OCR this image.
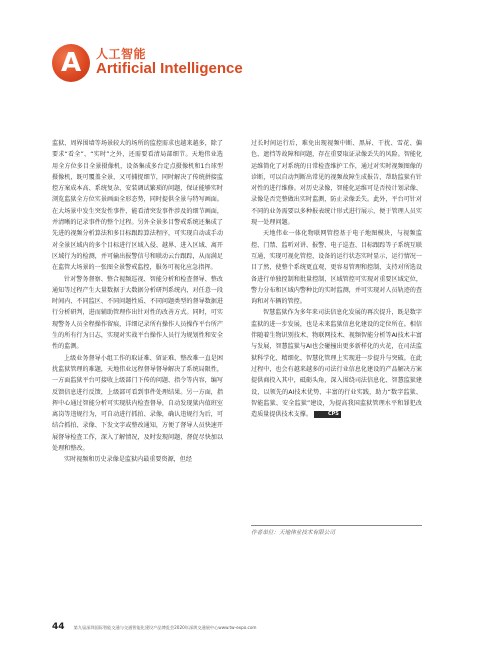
A 人工智能
Artificial Intelligence

监狱、周界围墙等场景较大的场所的监控需求也越来越多，除了要求“看全”、“实时”之外，还需要看清局部细节。天地伟业选用全方位多目全景摄像机，设备集成多台定点摄像机和1台球型摄像机，既可覆盖全景，又可捕捉细节，同时解决了传统拼接监控方案成本高、系统复杂、安装调试繁琐的问题，保证能够实时浏览监狱全方位实景画面全形态势，同时提供全景与特写画面。在大场景中发生突发性事件，能看清突发事件涉及的细节画面，并清晰的记录事件的整个过程。另外全景多目警戒系统还集成了先进的视频分析算法和多目标跟踪算法程序，可实现自动或手动对全景区域内的多个目标进行区域入侵、越界、进入区域、离开区域行为的检测，并可输出报警信号和联动云台跟踪，从而满足在监管大场景的一张图全景警戒监控，服务可视化应急指挥。

针对警务督察、整合视频巡视、智能分析和检查督导、整改通知等过程产生大量数据于大数据分析研判系统内，对任意一段时间内、不同监区、不同问题性质、不同问题类型的督导数据进行分析研判，进而辅助管理作出针对性的改善方式。同时，可实现警务人员全程操作留痕，详细记录所有操作人员操作平台所产生的所有行为日志，实现对实战平台操作人员行为规划性和安全性的监测。

上级业务督导小组工作的取证难、留证难、整改难一直是困扰监狱管理的难题，天地伟业远程督导督导解决了系统局限性，一方面监狱平台可接收上级部门下传的问题、指令等内容，编写反馈信息进行反馈，上级部可看到事件处理结果。另一方面，指挥中心通过智能分析可实现肤内检查督导，自动发现狱内值班室离岗等违规行为，可自动进行抓拍、录像，确认违规行为后，可结合抓拍、录像、下发文字或整改通知，方便了督导人员快速开展督导检查工作，深入了解情况，及时发现问题，督促尽快加以处理和整改。

实时视频和历史录像是监狱内最重要资源，但经

过长时间运行后，难免出现视频中断、黑屏、干扰、雪花、偏色、遮挡等故障和问题，存在重要取证录像丢失的风险。智能化运维简化了对系统的日常检查维护工作，通过对实时视频图像的诊断，可以自动判断出常见的视频故障生成报告，帮助监狱有针对性的进行维修。对历史录像，智能化运维可是否按计划录像、录像是否完整做出实时监测，防止录像丢失。此外，平台可针对不同的业务需要以多种报表统计形式进行展示，便于管理人员实现一处理问题。

天地伟业一体化物联网管控基于电子地图模块，与视频监控、门禁、监听对讲、报警、电子巡查、目标跟踪等子系统互联互通，实现可视化管控，设备的运行状态实时显示，运行情况一目了然，使整个系统更直观，更容易管理和控制，支持对所选设备进行单独控制和批量控制，区域管控可实现对重要区域定位，警力分布和区域内警种比的实时监测，并可实现对人员轨迹的查询和对车辆的管控。

智慧监狱作为多年来司法信息化发展的再次提升，既是数字监狱的进一步发展，也是未来监狱信息化建设的定位所在。相信伴随着生物识别技术、物联网技术、视频智能分析等AI技术丰富与发展，智慧监狱与AI也会碰撞出更多新样化的火花，在司法监狱科学化、精细化、智慧化管理上实现进一步提升与突破。在此过程中，也会有越来越多的司法行业信息化建设的产品解决方案提供商投入其中，砥砺头角，深入围绕司法信息化、智慧监狱建设，以领先的AI技术优势、丰富的行业实践，助力“数字监狱、智能监狱、安全监狱”建设，为提高我国监狱管理水平和罪犯改造质量提供技术支撑。	CPS

作者单位：天地伟业技术有限公司
44 第九届深圳国际智能交通与交通智能化建设产品博览会2020年深圳交通展中心www.tw-expo.com
